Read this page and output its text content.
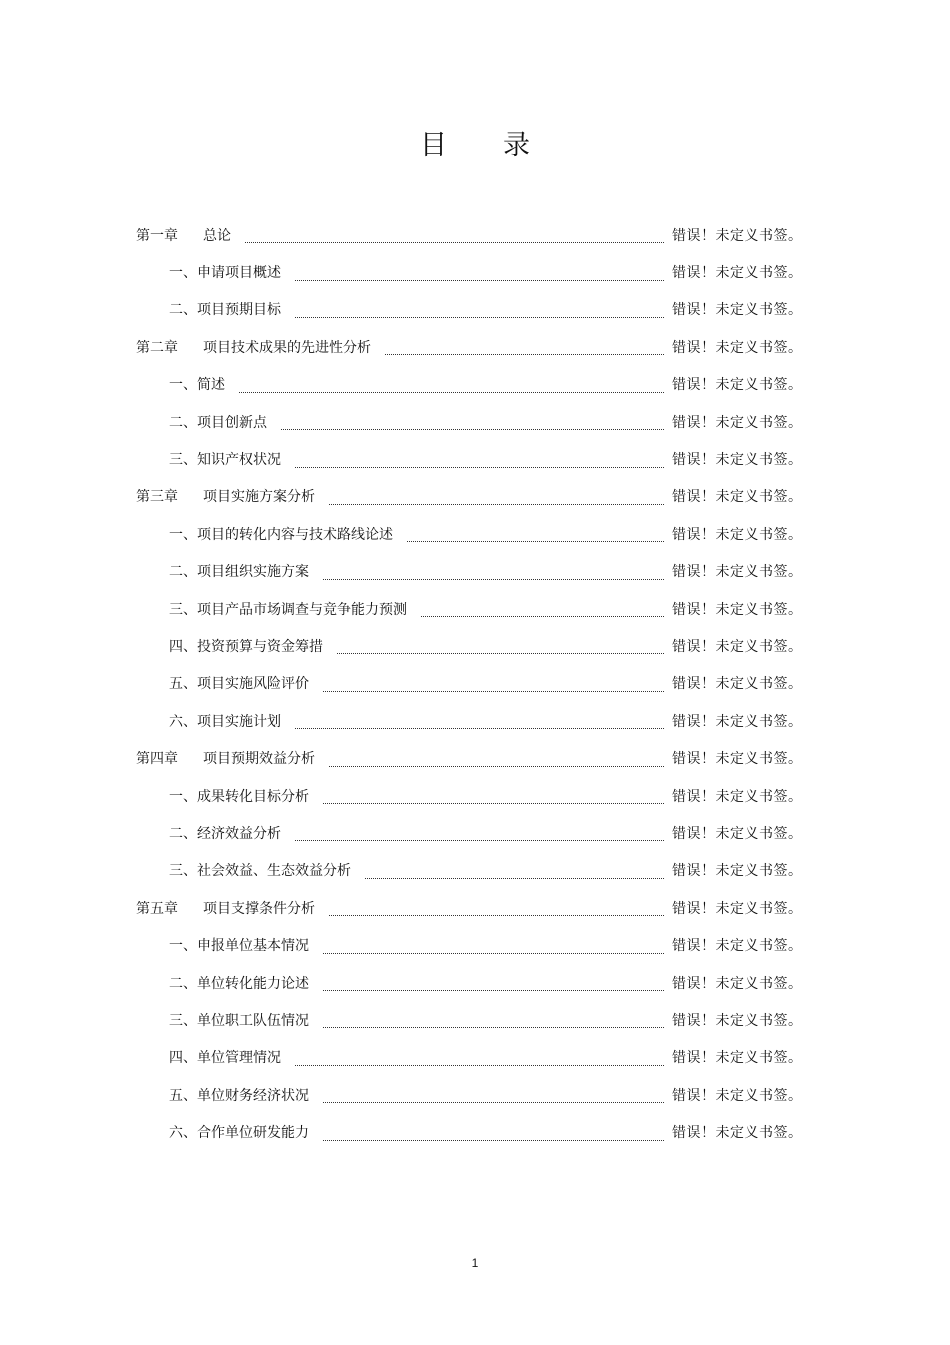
目录
第一章	总论	错误！未定义书签。
一、 申请项目概述	错误！未定义书签。
二、 项目预期目标	错误！未定义书签。
第二章	项目技术成果的先进性分析	错误！未定义书签。
一、 简述	错误！未定义书签。
二、 项目创新点	错误！未定义书签。
三、 知识产权状况	错误！未定义书签。
第三章	项目实施方案分析	错误！未定义书签。
一、 项目的转化内容与技术路线论述	错误！未定义书签。
二、 项目组织实施方案	错误！未定义书签。
三、 项目产品市场调查与竞争能力预测	错误！未定义书签。
四、 投资预算与资金筹措	错误！未定义书签。
五、 项目实施风险评价	错误！未定义书签。
六、 项目实施计划	错误！未定义书签。
第四章	项目预期效益分析	错误！未定义书签。
一、 成果转化目标分析	错误！未定义书签。
二、 经济效益分析	错误！未定义书签。
三、 社会效益、生态效益分析	错误！未定义书签。
第五章	项目支撑条件分析	错误！未定义书签。
一、 申报单位基本情况	错误！未定义书签。
二、 单位转化能力论述	错误！未定义书签。
三、 单位职工队伍情况	错误！未定义书签。
四、 单位管理情况	错误！未定义书签。
五、 单位财务经济状况	错误！未定义书签。
六、 合作单位研发能力	错误！未定义书签。
1
